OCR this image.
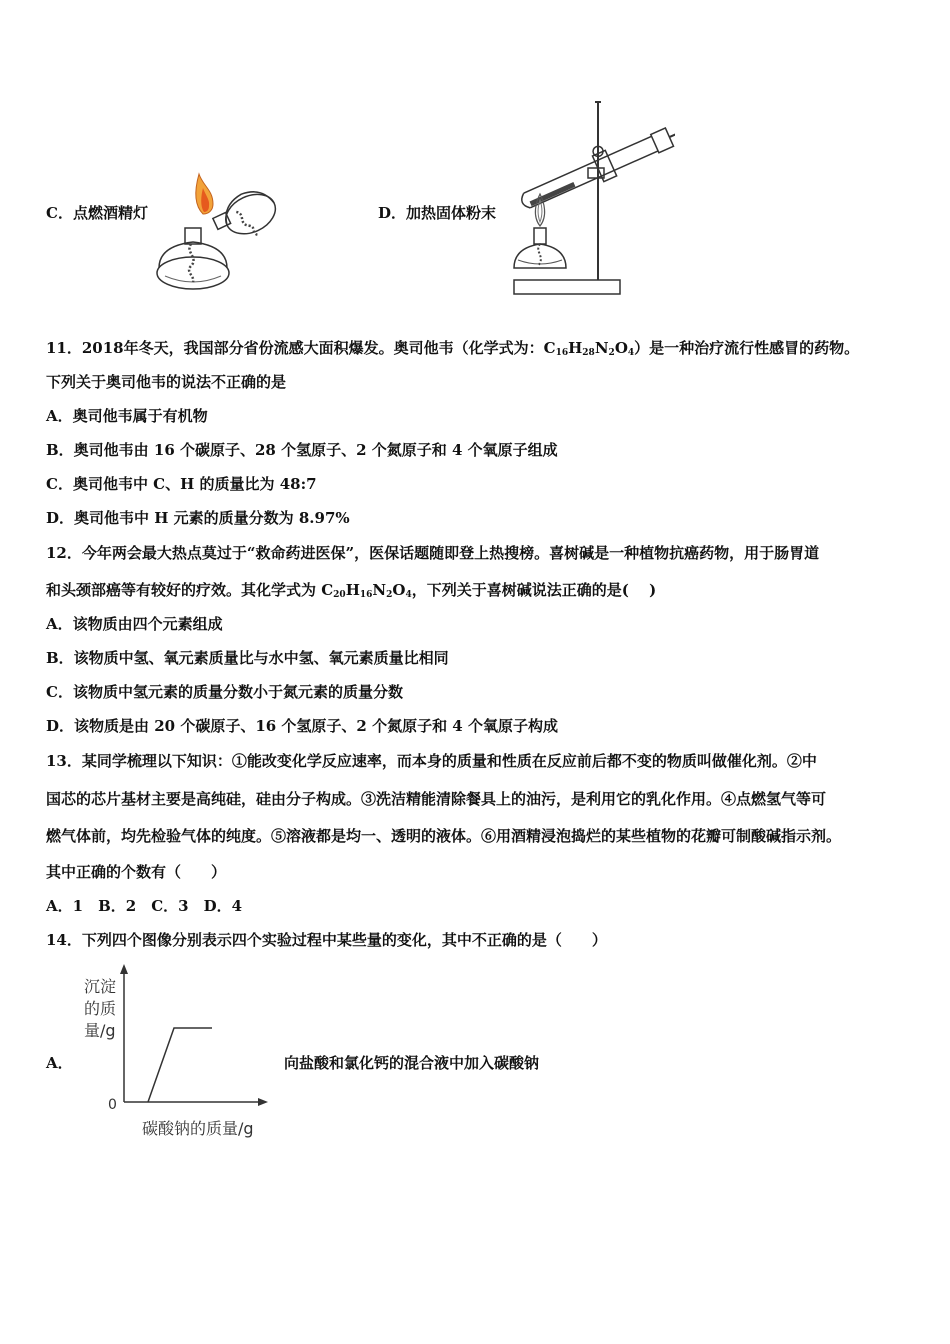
C．点燃酒精灯	D．加热固体粉末
11．2018年冬天，我国部分省份流感大面积爆发。奥司他韦（化学式为：$C_{16}H_{28}N_2O_4$）是一种治疗流行性感冒的药物。
下列关于奥司他韦的说法不正确的是
A．奥司他韦属于有机物
B．奥司他韦由 16 个碳原子、28 个氢原子、2 个氮原子和 4 个氧原子组成
C．奥司他韦中 C、H 的质量比为 48:7
D．奥司他韦中 H 元素的质量分数为 8.97%
12．今年两会最大热点莫过于“救命药进医保”，医保话题随即登上热搜榜。喜树碱是一种植物抗癌药物，用于肠胃道
和头颈部癌等有较好的疗效。其化学式为 $C_{20}H_{16}N_2O_4$，下列关于喜树碱说法正确的是(　 )
A．该物质由四个元素组成
B．该物质中氢、氧元素质量比与水中氢、氧元素质量比相同
C．该物质中氢元素的质量分数小于氮元素的质量分数
D．该物质是由 20 个碳原子、16 个氢原子、2 个氮原子和 4 个氧原子构成
13．某同学梳理以下知识：①能改变化学反应速率，而本身的质量和性质在反应前后都不变的物质叫做催化剂。②中
国芯的芯片基材主要是高纯硅，硅由分子构成。③洗洁精能清除餐具上的油污，是利用它的乳化作用。④点燃氢气等可
燃气体前，均先检验气体的纯度。⑤溶液都是均一、透明的液体。⑥用酒精浸泡捣烂的某些植物的花瓣可制酸碱指示剂。
其中正确的个数有（　　）
A．1　B．2　C．3　D．4
14．下列四个图像分别表示四个实验过程中某些量的变化，其中不正确的是（　　）
A．
沉淀
的质
量/g
0
碳酸钠的质量/g
向盐酸和氯化钙的混合液中加入碳酸钠
